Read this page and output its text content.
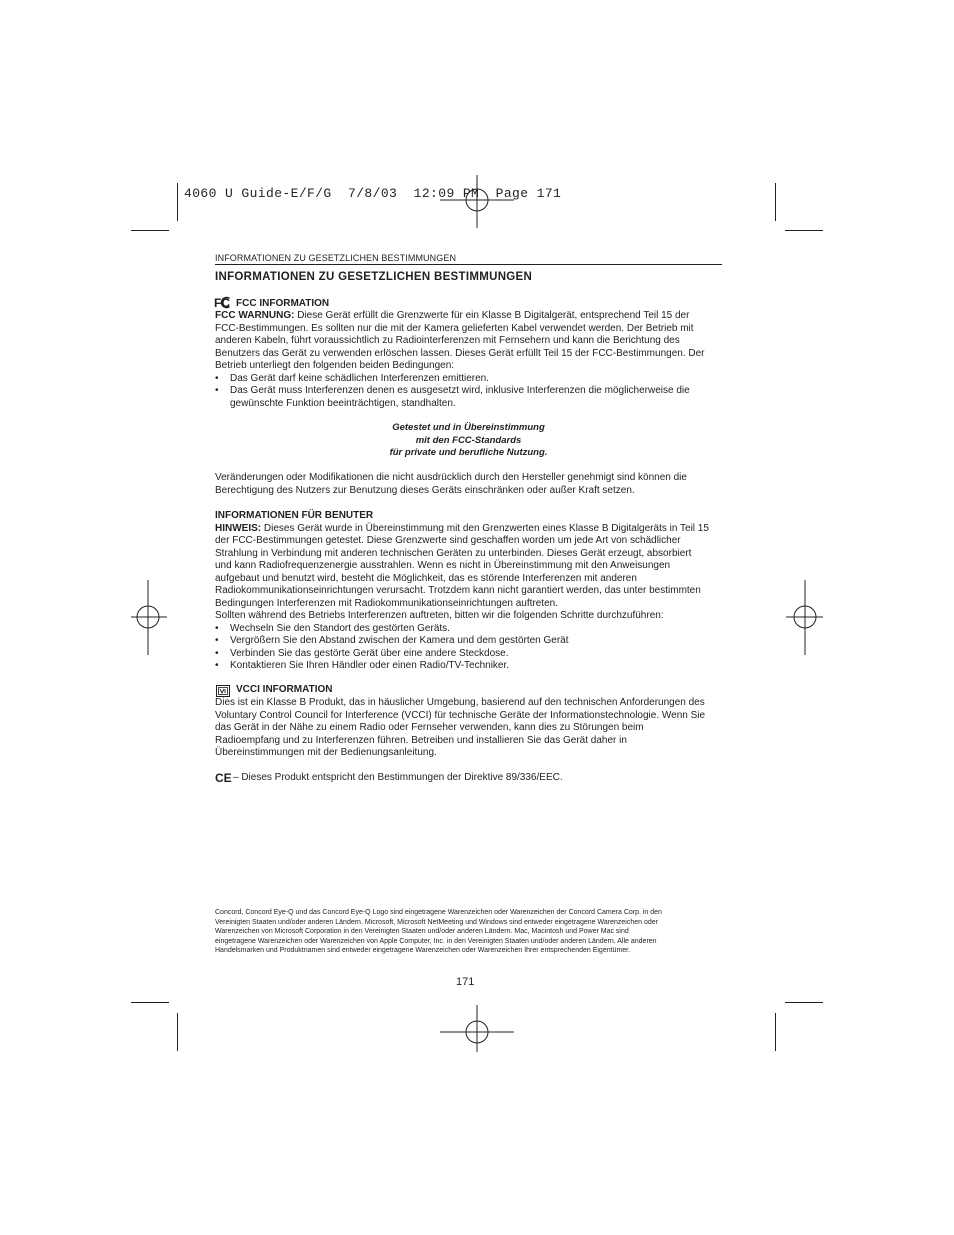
4060 U Guide-E/F/G  7/8/03  12:09 PM  Page 171
INFORMATIONEN ZU GESETZLICHEN BESTIMMUNGEN
INFORMATIONEN ZU GESETZLICHEN BESTIMMUNGEN
FC FCC INFORMATION

FCC WARNUNG: Diese Gerät erfüllt die Grenzwerte für ein Klasse B Digitalgerät, entsprechend Teil 15 der

FCC-Bestimmungen. Es sollten nur die mit der Kamera gelieferten Kabel verwendet werden. Der Betrieb mit

anderen Kabeln, führt voraussichtlich zu Radiointerferenzen mit Fernsehern und kann die Berichtung des

Benutzers das Gerät zu verwenden erlöschen lassen. Dieses Gerät erfüllt Teil 15 der FCC-Bestimmungen. Der

Betrieb unterliegt den folgenden beiden Bedingungen:

• Das Gerät darf keine schädlichen Interferenzen emittieren.
• Das Gerät muss Interferenzen denen es ausgesetzt wird, inklusive Interferenzen die möglicherweise die
gewünschte Funktion beeinträchtigen, standhalten.
Getestet und in Übereinstimmung
mit den FCC-Standards
für private und berufliche Nutzung.

Veränderungen oder Modifikationen die nicht ausdrücklich durch den Hersteller genehmigt sind können die

Berechtigung des Nutzers zur Benutzung dieses Geräts einschränken oder außer Kraft setzen.

INFORMATIONEN FÜR BENUTER

HINWEIS: Dieses Gerät wurde in Übereinstimmung mit den Grenzwerten eines Klasse B Digitalgeräts in Teil 15

der FCC-Bestimmungen getestet. Diese Grenzwerte sind geschaffen worden um jede Art von schädlicher

Strahlung in Verbindung mit anderen technischen Geräten zu unterbinden. Dieses Gerät erzeugt, absorbiert

und kann Radiofrequenzenergie ausstrahlen. Wenn es nicht in Übereinstimmung mit den Anweisungen

aufgebaut und benutzt wird, besteht die Möglichkeit, das es störende Interferenzen mit anderen

Radiokommunikationseinrichtungen verursacht. Trotzdem kann nicht garantiert werden, das unter bestimmten

Bedingungen Interferenzen mit Radiokommunikationseinrichtungen auftreten.

Sollten während des Betriebs Interferenzen auftreten, bitten wir die folgenden Schritte durchzuführen:

• Wechseln Sie den Standort des gestörten Geräts.
• Vergrößern Sie den Abstand zwischen der Kamera und dem gestörten Gerät
• Verbinden Sie das gestörte Gerät über eine andere Steckdose.
• Kontaktieren Sie Ihren Händler oder einen Radio/TV-Techniker.
VCCI INFORMATION

Dies ist ein Klasse B Produkt, das in häuslicher Umgebung, basierend auf den technischen Anforderungen des

Voluntary Control Council for Interference (VCCI) für technische Geräte der Informationstechnologie. Wenn Sie

das Gerät in der Nähe zu einem Radio oder Fernseher verwenden, kann dies zu Störungen beim

Radioempfang und zu Interferenzen führen. Betreiben und installieren Sie das Gerät daher in

Übereinstimmungen mit der Bedienungsanleitung.

CE – Dieses Produkt entspricht den Bestimmungen der Direktive 89/336/EEC.
Concord, Concord Eye-Q und das Concord Eye-Q Logo sind eingetragene Warenzeichen oder Warenzeichen der Concord Camera Corp. in den
Vereinigten Staaten und/oder anderen Ländern. Microsoft, Microsoft NetMeeting und Windows sind entweder eingetragene Warenzeichen oder
Warenzeichen von Microsoft Corporation in den Vereinigten Staaten und/oder anderen Ländern. Mac, Macintosh und Power Mac sind
eingetragene Warenzeichen oder Warenzeichen von Apple Computer, Inc. in den Vereinigten Staaten und/oder anderen Ländern. Alle anderen
Handelsmarken und Produktnamen sind entweder eingetragene Warenzeichen oder Warenzeichen Ihrer entsprechenden Eigentümer.
171
